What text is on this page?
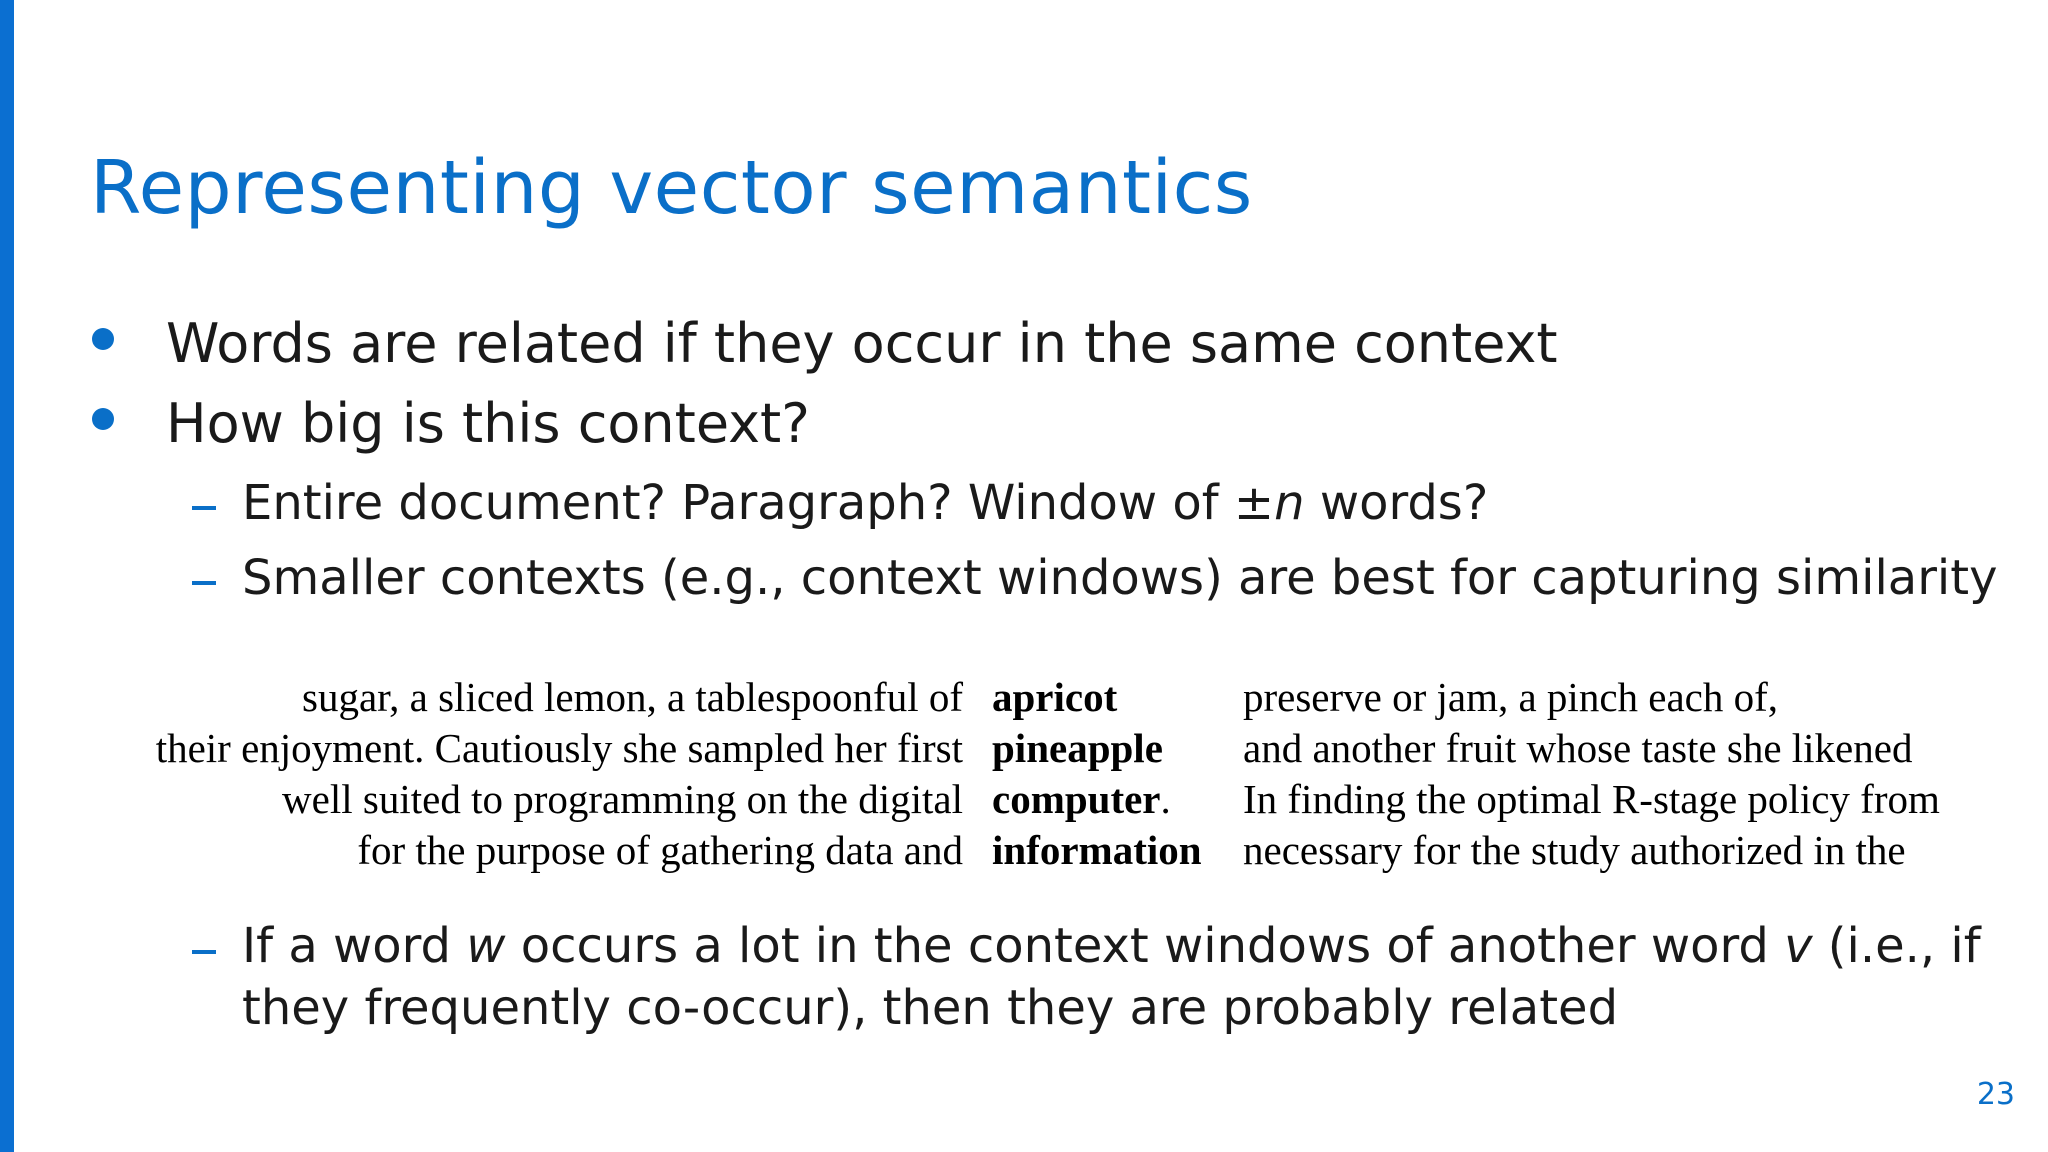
Representing vector semantics
Words are related if they occur in the same context
How big is this context?
Entire document? Paragraph? Window of ±n words?
Smaller contexts (e.g., context windows) are best for capturing similarity
sugar, a sliced lemon, a tablespoonful of apricot	preserve or jam, a pinch each of,
their enjoyment. Cautiously she sampled her first pineapple and another fruit whose taste she likened
well suited to programming on the digital computer. In finding the optimal R-stage policy from
for the purpose of gathering data and information necessary for the study authorized in the
If a word w occurs a lot in the context windows of another word v (i.e., if
they frequently co-occur), then they are probably related
23
